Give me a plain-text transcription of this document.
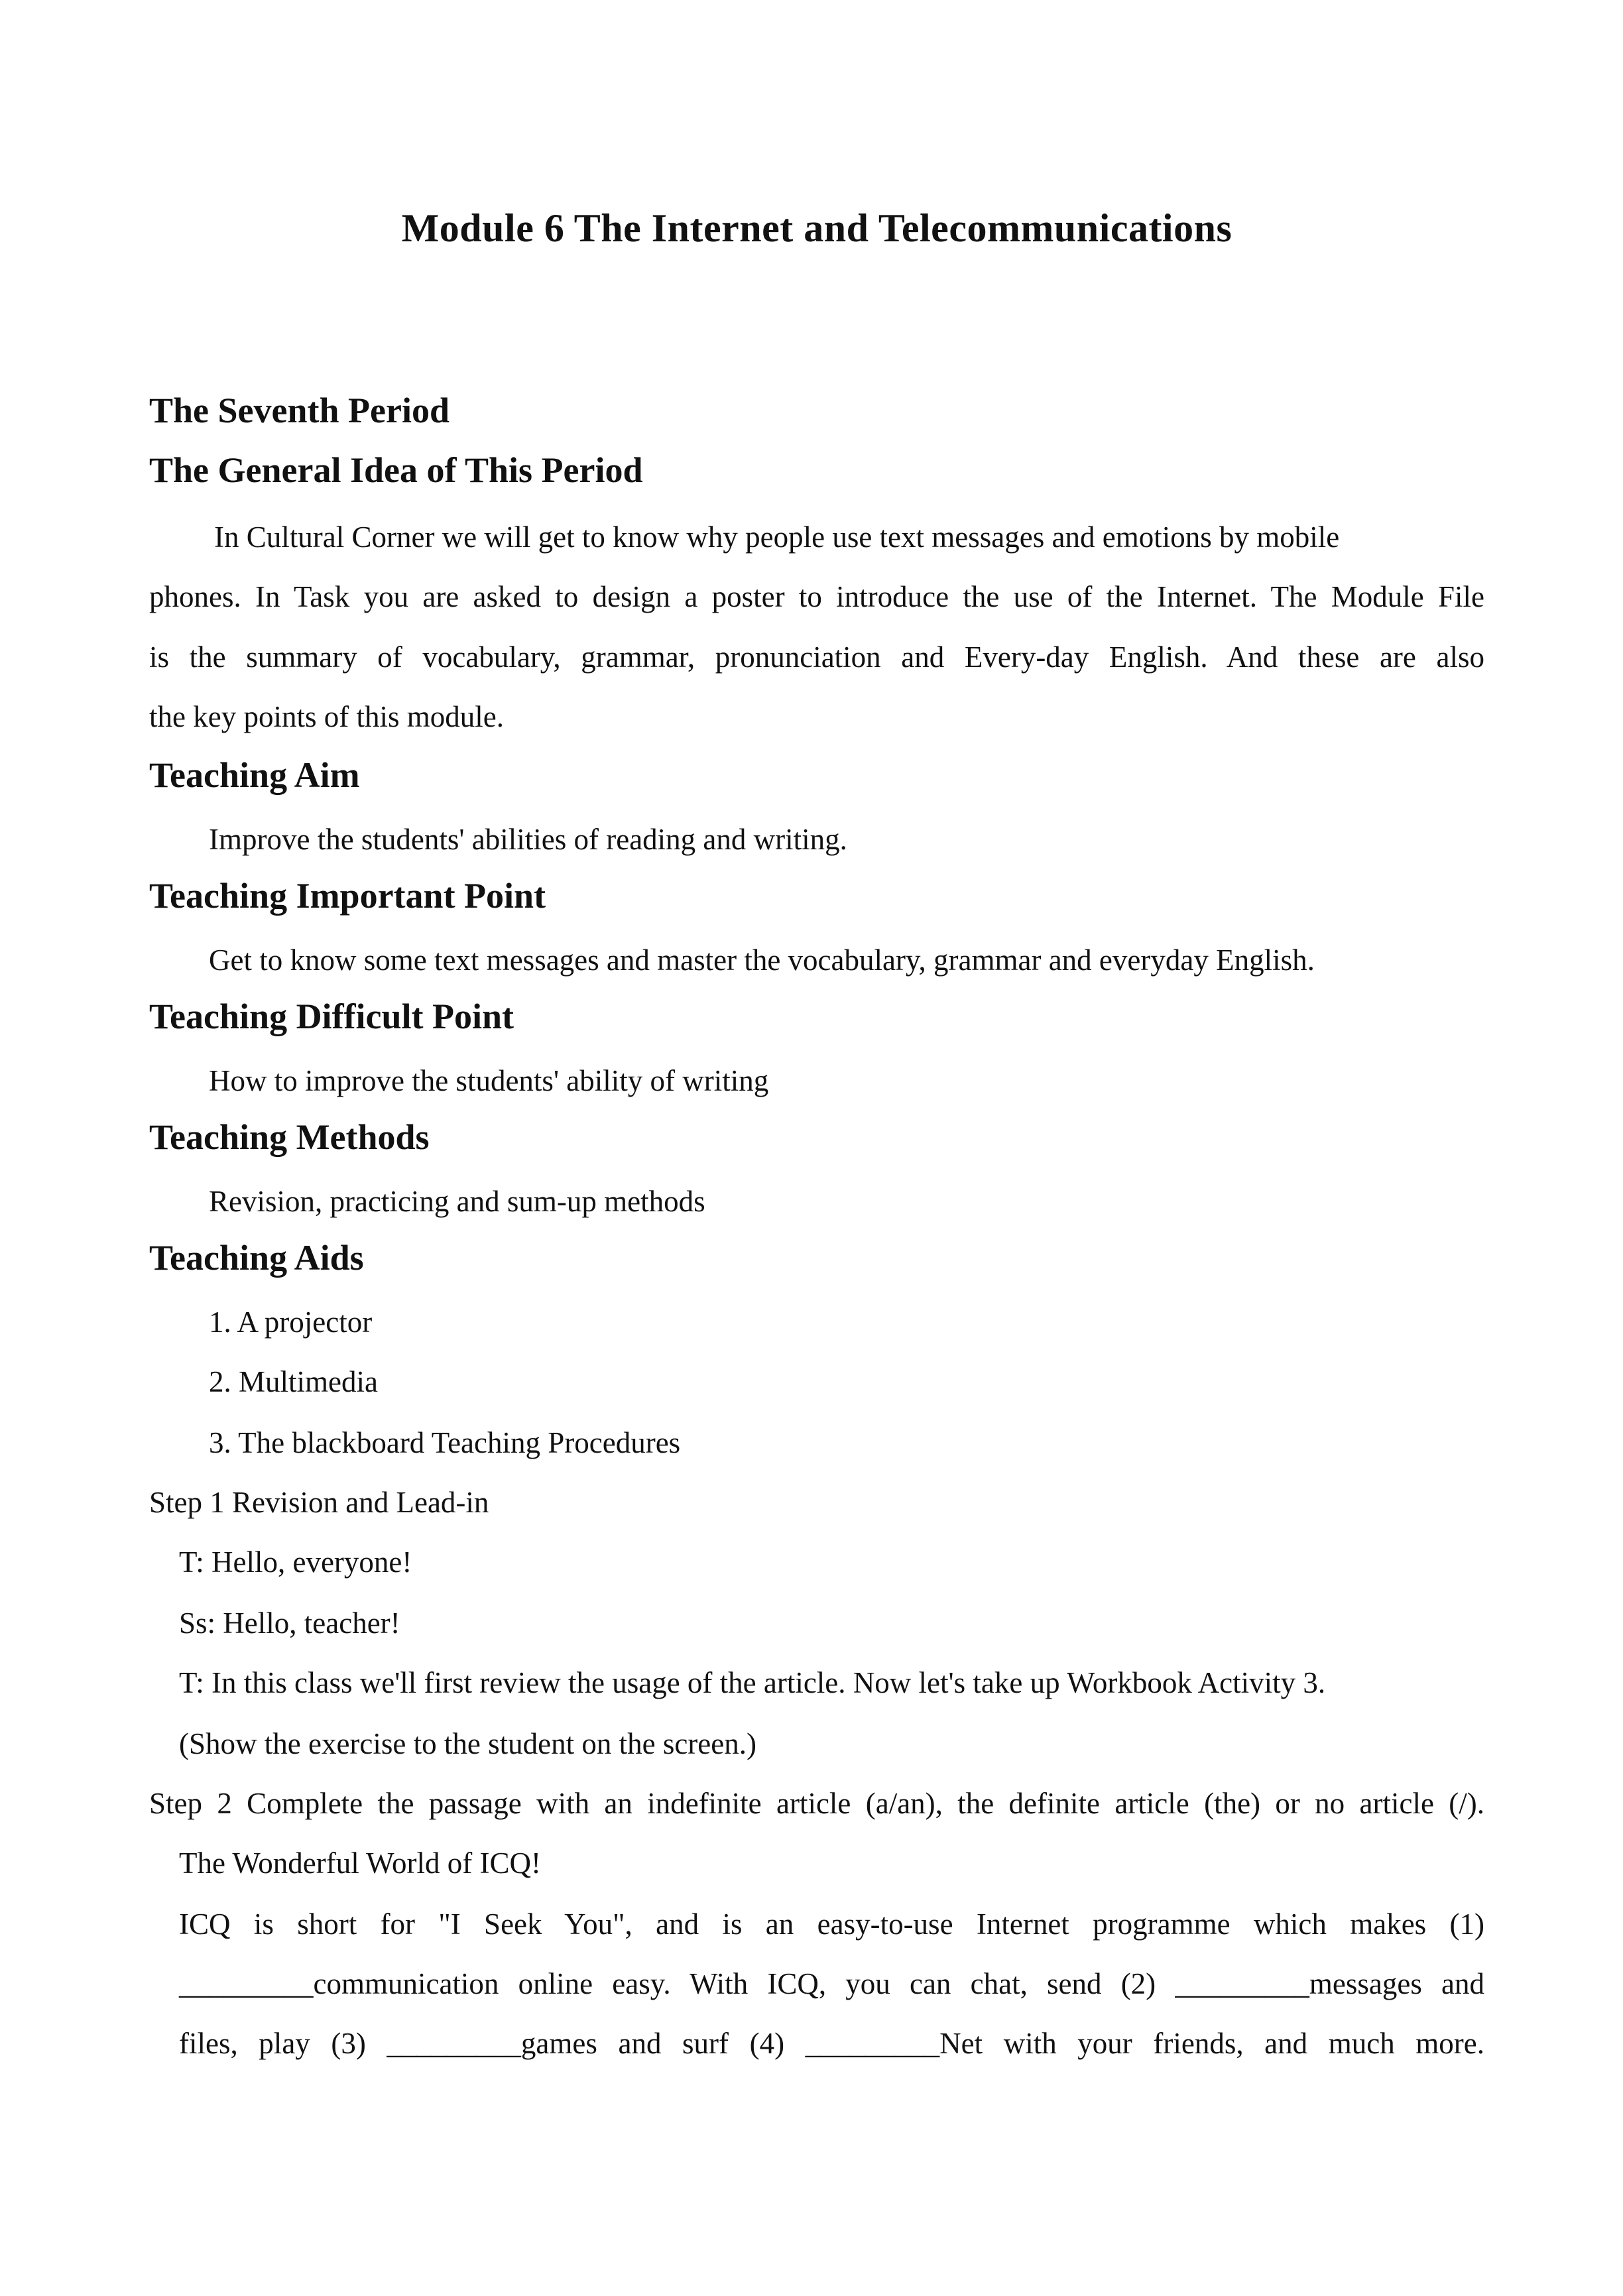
Module 6 The Internet and Telecommunications
The Seventh Period
The General Idea of This Period
In Cultural Corner we will get to know why people use text messages and emotions by mobile
phones. In Task you are asked to design a poster to introduce the use of the Internet. The Module File
is the summary of vocabulary, grammar, pronunciation and Every-day English. And these are also
the key points of this module.
Teaching Aim
Improve the students' abilities of reading and writing.
Teaching Important Point
Get to know some text messages and master the vocabulary, grammar and everyday English.
Teaching Difficult Point
How to improve the students' ability of writing
Teaching Methods
Revision, practicing and sum-up methods
Teaching Aids
1. A projector
2. Multimedia
3. The blackboard Teaching Procedures
Step 1 Revision and Lead-in
T: Hello, everyone!
Ss: Hello, teacher!
T: In this class we'll first review the usage of the article. Now let's take up Workbook Activity 3.
(Show the exercise to the student on the screen.)
Step 2 Complete the passage with an indefinite article (a/an), the definite article (the) or no article (/).
The Wonderful World of ICQ!
ICQ is short for "I Seek You", and is an easy-to-use Internet programme which makes (1)
_________communication online easy. With ICQ, you can chat, send (2) _________messages and
files, play (3) _________games and surf (4) _________Net with your friends, and much more.
